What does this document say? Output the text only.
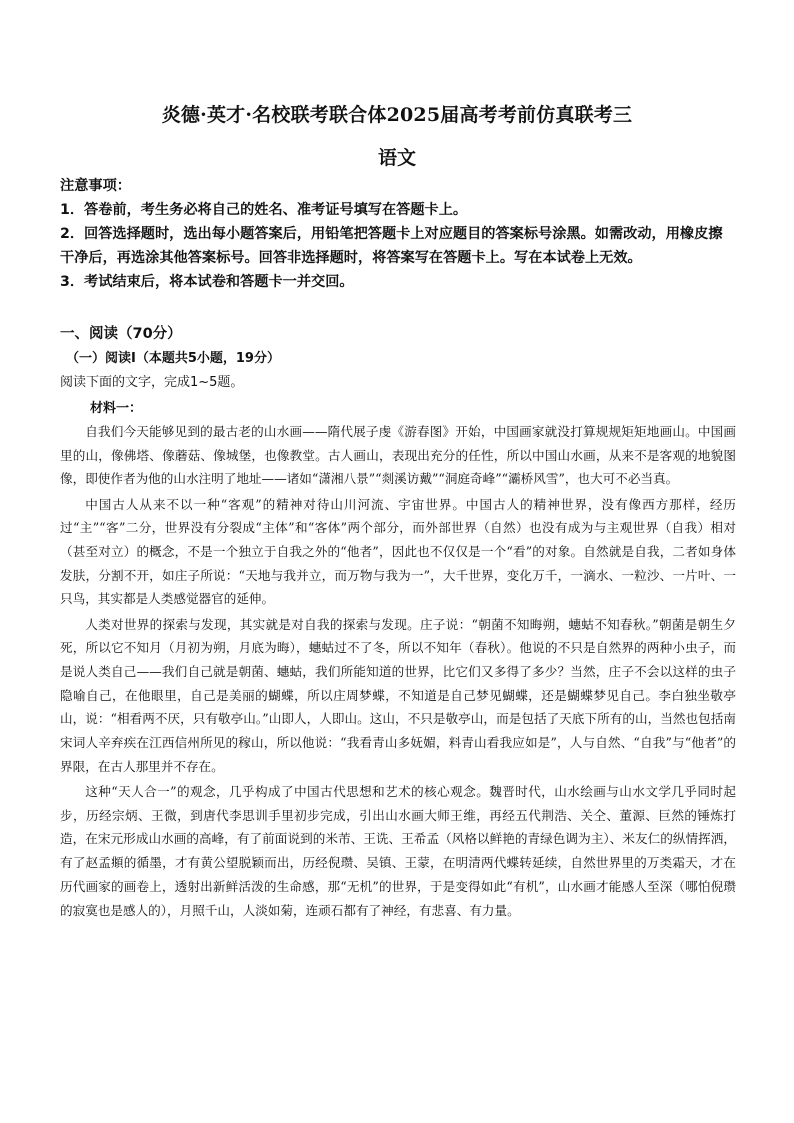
炎德·英才·名校联考联合体2025届高考考前仿真联考三
语文

注意事项：

1．答卷前，考生务必将自己的姓名、准考证号填写在答题卡上。

2．回答选择题时，选出每小题答案后，用铅笔把答题卡上对应题目的答案标号涂黑。如需改动，用橡皮擦干净后，再选涂其他答案标号。回答非选择题时，将答案写在答题卡上。写在本试卷上无效。

3．考试结束后，将本试卷和答题卡一并交回。

一、阅读（70分）
（一）阅读Ⅰ（本题共5小题，19分）
阅读下面的文字，完成1~5题。
材料一：

自我们今天能够见到的最古老的山水画——隋代展子虔《游春图》开始，中国画家就没打算规规矩矩地画山。中国画里的山，像佛塔、像蘑菇、像城堡，也像教堂。古人画山，表现出充分的任性，所以中国山水画，从来不是客观的地貌图像，即使作者为他的山水注明了地址——诸如“潇湘八景”“剡溪访戴”“洞庭奇峰”“灞桥风雪”，也大可不必当真。

中国古人从来不以一种“客观”的精神对待山川河流、宇宙世界。中国古人的精神世界，没有像西方那样，经历过“主”“客”二分，世界没有分裂成“主体”和“客体”两个部分，而外部世界（自然）也没有成为与主观世界（自我）相对（甚至对立）的概念，不是一个独立于自我之外的“他者”，因此也不仅仅是一个“看”的对象。自然就是自我，二者如身体发肤，分割不开，如庄子所说：“天地与我并立，而万物与我为一”，大千世界，变化万千，一滴水、一粒沙、一片叶、一只鸟，其实都是人类感觉器官的延伸。

人类对世界的探索与发现，其实就是对自我的探索与发现。庄子说：“朝菌不知晦朔，蟪蛄不知春秋。”朝菌是朝生夕死，所以它不知月（月初为朔，月底为晦），蟪蛄过不了冬，所以不知年（春秋）。他说的不只是自然界的两种小虫子，而是说人类自己——我们自己就是朝菌、蟪蛄，我们所能知道的世界，比它们又多得了多少？当然，庄子不会以这样的虫子隐喻自己，在他眼里，自己是美丽的蝴蝶，所以庄周梦蝶，不知道是自己梦见蝴蝶，还是蝴蝶梦见自己。李白独坐敬亭山，说：“相看两不厌，只有敬亭山。”山即人，人即山。这山，不只是敬亭山，而是包括了天底下所有的山，当然也包括南宋词人辛弃疾在江西信州所见的稼山，所以他说：“我看青山多妩媚，料青山看我应如是”，人与自然、“自我”与“他者”的界限，在古人那里并不存在。

这种“天人合一”的观念，几乎构成了中国古代思想和艺术的核心观念。魏晋时代，山水绘画与山水文学几乎同时起步，历经宗炳、王微，到唐代李思训手里初步完成，引出山水画大师王维，再经五代荆浩、关仝、董源、巨然的锤炼打造，在宋元形成山水画的高峰，有了前面说到的米芾、王诜、王希孟（风格以鲜艳的青绿色调为主）、米友仁的纵情挥洒，有了赵孟頫的循墨，才有黄公望脱颖而出，历经倪瓒、吴镇、王蒙，在明清两代蝶转延续，自然世界里的万类霜天，才在历代画家的画卷上，透射出新鲜活泼的生命感，那“无机”的世界，于是变得如此“有机”，山水画才能感人至深（哪怕倪瓒的寂寞也是感人的），月照千山，人淡如菊，连顽石都有了神经，有悲喜、有力量。
